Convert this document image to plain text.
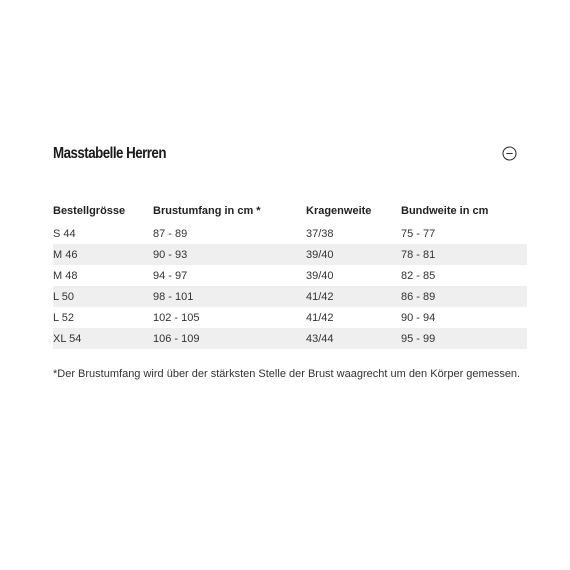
Masstabelle Herren
Bestellgrösse	Brustumfang in cm *	Kragenweite	Bundweite in cm
S 44	87 - 89	37/38	75 - 77
M 46	90 - 93	39/40	78 - 81
M 48	94 - 97	39/40	82 - 85
L 50	98 - 101	41/42	86 - 89
L 52	102 - 105	41/42	90 - 94
XL 54	106 - 109	43/44	95 - 99

*Der Brustumfang wird über der stärksten Stelle der Brust waagrecht um den Körper gemessen.
